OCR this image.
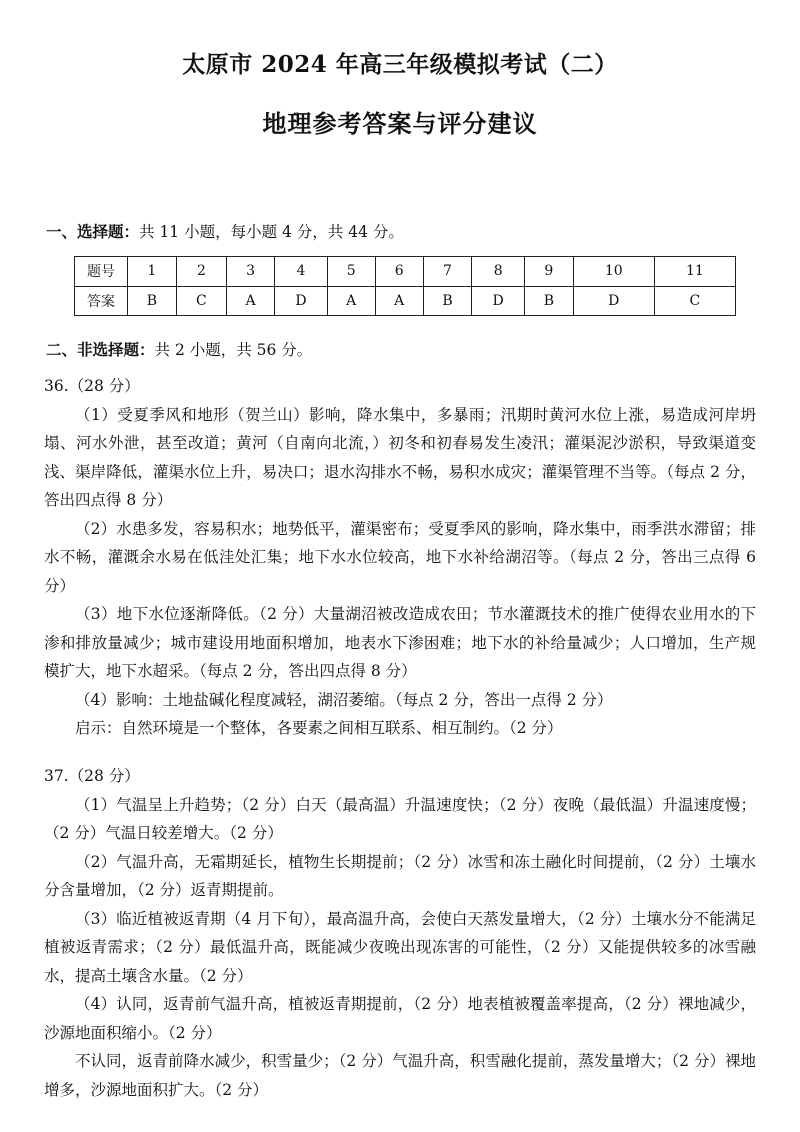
太原市 2024 年高三年级模拟考试（二）
地理参考答案与评分建议
一、选择题：共 11 小题，每小题 4 分，共 44 分。
题号	1	2	3	4	5	6	7	8	9	10	11
答案	B	C	A	D	A	A	B	D	B	D	C
二、非选择题：共 2 小题，共 56 分。
36.（28 分）
（1）受夏季风和地形（贺兰山）影响，降水集中，多暴雨；汛期时黄河水位上涨，易造成河岸坍塌、河水外泄，甚至改道；黄河（自南向北流，）初冬和初春易发生凌汛；灌渠泥沙淤积，导致渠道变浅、渠岸降低，灌渠水位上升，易决口；退水沟排水不畅，易积水成灾；灌渠管理不当等。（每点 2 分，答出四点得 8 分）
（2）水患多发，容易积水；地势低平，灌渠密布；受夏季风的影响，降水集中，雨季洪水滞留；排水不畅，灌溉余水易在低洼处汇集；地下水水位较高，地下水补给湖沼等。（每点 2 分，答出三点得 6 分）
（3）地下水位逐渐降低。（2 分）大量湖沼被改造成农田；节水灌溉技术的推广使得农业用水的下渗和排放量减少；城市建设用地面积增加，地表水下渗困难；地下水的补给量减少；人口增加，生产规模扩大，地下水超采。（每点 2 分，答出四点得 8 分）
（4）影响：土地盐碱化程度减轻，湖沼萎缩。（每点 2 分，答出一点得 2 分）
启示：自然环境是一个整体，各要素之间相互联系、相互制约。（2 分）
37.（28 分）
（1）气温呈上升趋势；（2 分）白天（最高温）升温速度快；（2 分）夜晚（最低温）升温速度慢；（2 分）气温日较差增大。（2 分）
（2）气温升高，无霜期延长，植物生长期提前；（2 分）冰雪和冻土融化时间提前，（2 分）土壤水分含量增加，（2 分）返青期提前。
（3）临近植被返青期（4 月下旬），最高温升高，会使白天蒸发量增大，（2 分）土壤水分不能满足植被返青需求；（2 分）最低温升高，既能减少夜晚出现冻害的可能性，（2 分）又能提供较多的冰雪融水，提高土壤含水量。（2 分）
（4）认同，返青前气温升高，植被返青期提前，（2 分）地表植被覆盖率提高，（2 分）裸地减少，沙源地面积缩小。（2 分）
不认同，返青前降水减少，积雪量少；（2 分）气温升高，积雪融化提前，蒸发量增大；（2 分）裸地增多，沙源地面积扩大。（2 分）
